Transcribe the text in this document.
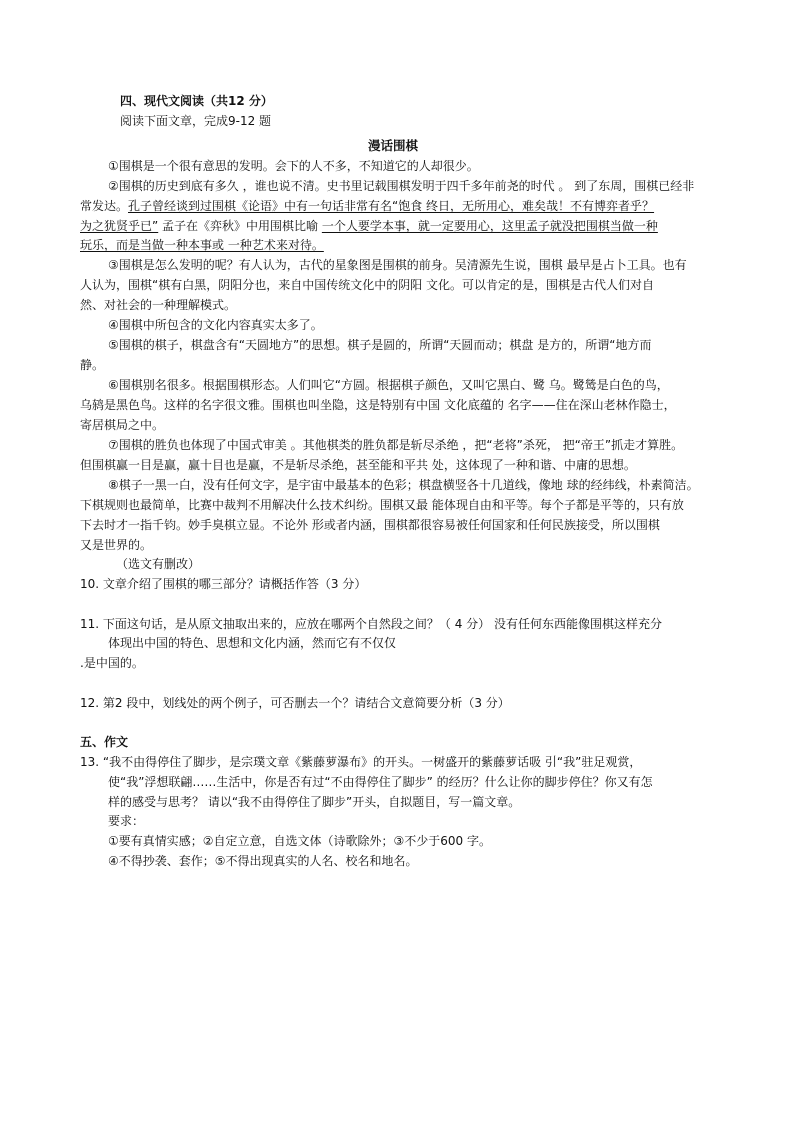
四、现代文阅读（共12 分）
阅读下面文章，完成9-12 题
漫话围棋
①围棋是一个很有意思的发明。会下的人不多，不知道它的人却很少。
②围棋的历史到底有多久 ，谁也说不清。史书里记载围棋发明于四千多年前尧的时代 。 到了东周，围棋已经非
常发达。孔子曾经谈到过围棋《论语》中有一句话非常有名“饱食 终日，无所用心，难矣哉！不有博弈者乎？
为之犹贤乎已” 孟子在《弈秋》中用围棋比喻 一个人要学本事，就一定要用心，这里孟子就没把围棋当做一种
玩乐，而是当做一种本事或 一种艺术来对待。
③围棋是怎么发明的呢？有人认为，古代的星象图是围棋的前身。吴清源先生说，围棋 最早是占卜工具。也有
人认为，围棋“棋有白黑，阴阳分也，来自中国传统文化中的阴阳 文化。可以肯定的是，围棋是古代人们对自
然、对社会的一种理解模式。
④围棋中所包含的文化内容真实太多了。
⑤围棋的棋子，棋盘含有“天圆地方”的思想。棋子是圆的，所谓“天圆而动；棋盘 是方的，所谓“地方而
静。
⑥围棋别名很多。根据围棋形态。人们叫它“方圆。根据棋子颜色，又叫它黑白、鹭 乌。鹭鸶是白色的鸟，
乌鸫是黑色鸟。这样的名字很文雅。围棋也叫坐隐，这是特别有中国 文化底蕴的 名字——住在深山老林作隐士，
寄居棋局之中。
⑦围棋的胜负也体现了中国式审美 。其他棋类的胜负都是斩尽杀绝 ，把“老将”杀死， 把“帝王”抓走才算胜。
但围棋赢一目是赢，赢十目也是赢，不是斩尽杀绝，甚至能和平共 处，这体现了一种和谐、中庸的思想。
⑧棋子一黑一白，没有任何文字，是宇宙中最基本的色彩；棋盘横竖各十几道线，像地 球的经纬线，朴素简洁。
下棋规则也最简单，比赛中裁判不用解决什么技术纠纷。围棋又最 能体现自由和平等。每个子都是平等的，只有放
下去时才一指千钧。妙手臭棋立显。不论外 形或者内涵，围棋都很容易被任何国家和任何民族接受，所以围棋
又是世界的。
（选文有删改）
10. 文章介绍了围棋的哪三部分？请概括作答（3 分）
11. 下面这句话，是从原文抽取出来的，应放在哪两个自然段之间？（ 4 分） 没有任何东西能像围棋这样充分
体现出中国的特色、思想和文化内涵，然而它有不仅仅
.是中国的。
12. 第2 段中，划线处的两个例子，可否删去一个？请结合文意简要分析（3 分）
五、作文
13. “我不由得停住了脚步，是宗璞文章《紫藤萝瀑布》的开头。一树盛开的紫藤萝话吸 引“我”驻足观赏，
使“我”浮想联翩……生活中，你是否有过“不由得停住了脚步” 的经历？什么让你的脚步停住？你又有怎
样的感受与思考？ 请以“我不由得停住了脚步”开头，自拟题目，写一篇文章。
要求：
①要有真情实感；②自定立意，自选文体（诗歌除外；③不少于600 字。
④不得抄袭、套作；⑤不得出现真实的人名、校名和地名。
